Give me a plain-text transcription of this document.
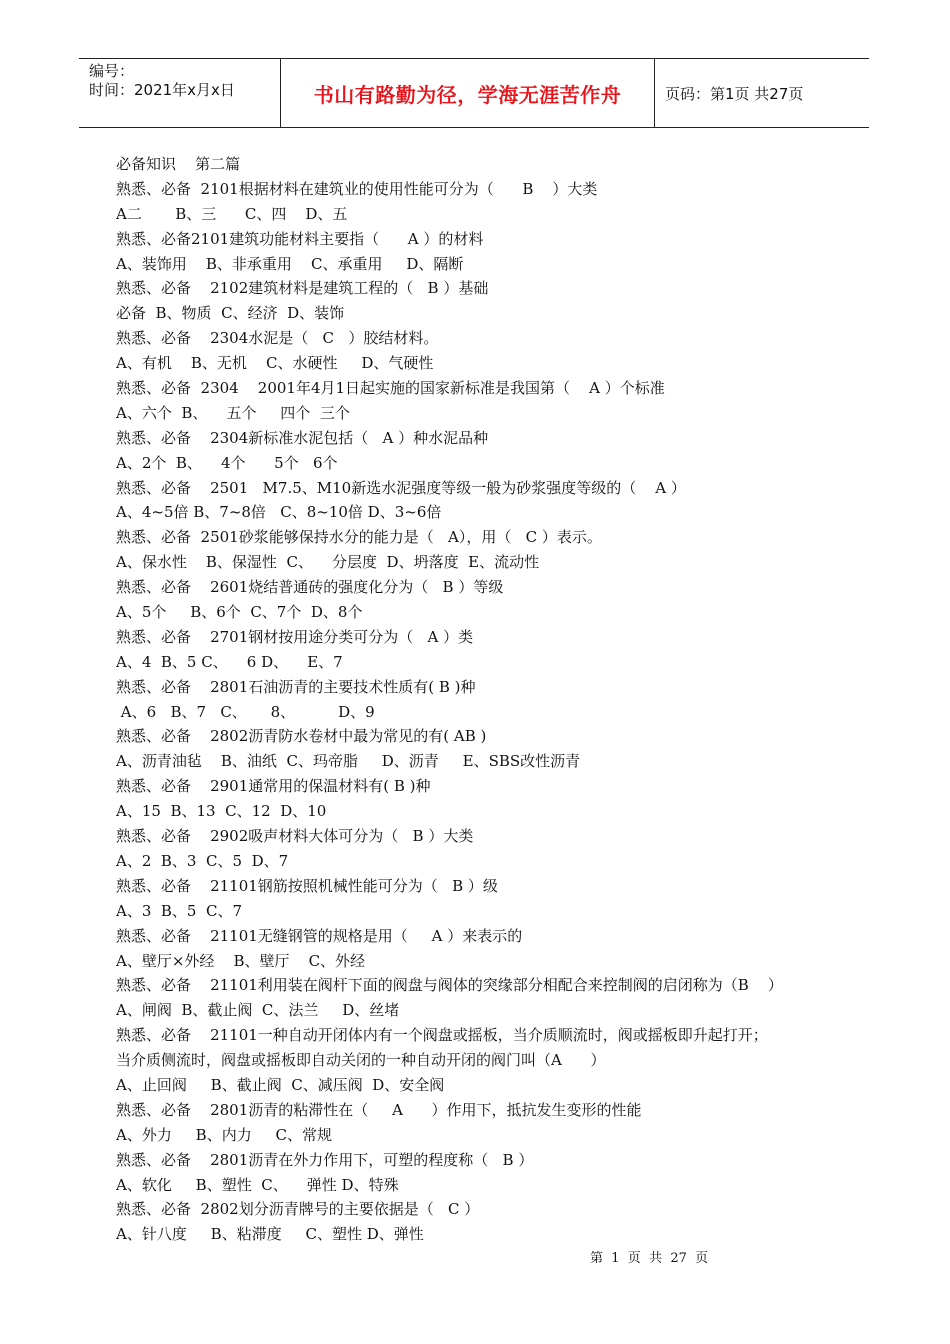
编号：
时间：2021年x月x日	书山有路勤为径，学海无涯苦作舟	页码：第1页 共27页
必备知识    第二篇
熟悉、必备  2101根据材料在建筑业的使用性能可分为（      B    ）大类
A二       B、三      C、四    D、五
熟悉、必备2101建筑功能材料主要指（      A ）的材料
A、装饰用    B、非承重用    C、承重用     D、隔断
熟悉、必备    2102建筑材料是建筑工程的（   B ）基础
必备  B、物质  C、经济  D、装饰
熟悉、必备    2304水泥是（   C   ）胶结材料。
A、有机    B、无机    C、水硬性     D、气硬性
熟悉、必备  2304    2001年4月1日起实施的国家新标准是我国第（    A ）个标准
A、六个  B、    五个     四个  三个
熟悉、必备    2304新标准水泥包括（   A ）种水泥品种
A、2个  B、    4个      5个   6个
熟悉、必备    2501   M7.5、M10新选水泥强度等级一般为砂浆强度等级的（    A ）
A、4~5倍 B、7~8倍   C、8~10倍 D、3~6倍
熟悉、必备  2501砂浆能够保持水分的能力是（   A），用（   C ）表示。
A、保水性    B、保湿性  C、    分层度  D、坍落度  E、流动性
熟悉、必备    2601烧结普通砖的强度化分为（   B ）等级
A、5个     B、6个  C、7个  D、8个
熟悉、必备    2701钢材按用途分类可分为（   A ）类
A、4  B、5 C、    6 D、    E、7
熟悉、必备    2801石油沥青的主要技术性质有( B )种
A、6   B、7   C、     8、         D、9
熟悉、必备    2802沥青防水卷材中最为常见的有( AB )
A、沥青油毡    B、油纸  C、玛帝脂     D、沥青     E、SBS改性沥青
熟悉、必备    2901通常用的保温材料有( B )种
A、15  B、13  C、12  D、10
熟悉、必备    2902吸声材料大体可分为（   B ）大类
A、2  B、3  C、5  D、7
熟悉、必备    21101钢筋按照机械性能可分为（   B ）级
A、3  B、5  C、7
熟悉、必备    21101无缝钢管的规格是用（     A ）来表示的
A、壁厅×外经    B、壁厅    C、外经
熟悉、必备    21101利用装在阀杆下面的阀盘与阀体的突缘部分相配合来控制阀的启闭称为（B    ）
A、闸阀  B、截止阀  C、法兰     D、丝堵
熟悉、必备    21101一种自动开闭体内有一个阀盘或摇板，当介质顺流时，阀或摇板即升起打开；
当介质侧流时，阀盘或摇板即自动关闭的一种自动开闭的阀门叫（A      ）
A、止回阀     B、截止阀  C、减压阀  D、安全阀
熟悉、必备    2801沥青的粘滞性在（     A      ）作用下，抵抗发生变形的性能
A、外力     B、内力     C、常规
熟悉、必备    2801沥青在外力作用下，可塑的程度称（   B ）
A、软化     B、塑性  C、    弹性 D、特殊
熟悉、必备  2802划分沥青牌号的主要依据是（   C ）
A、针八度     B、粘滞度     C、塑性 D、弹性
第  1  页  共  27  页
